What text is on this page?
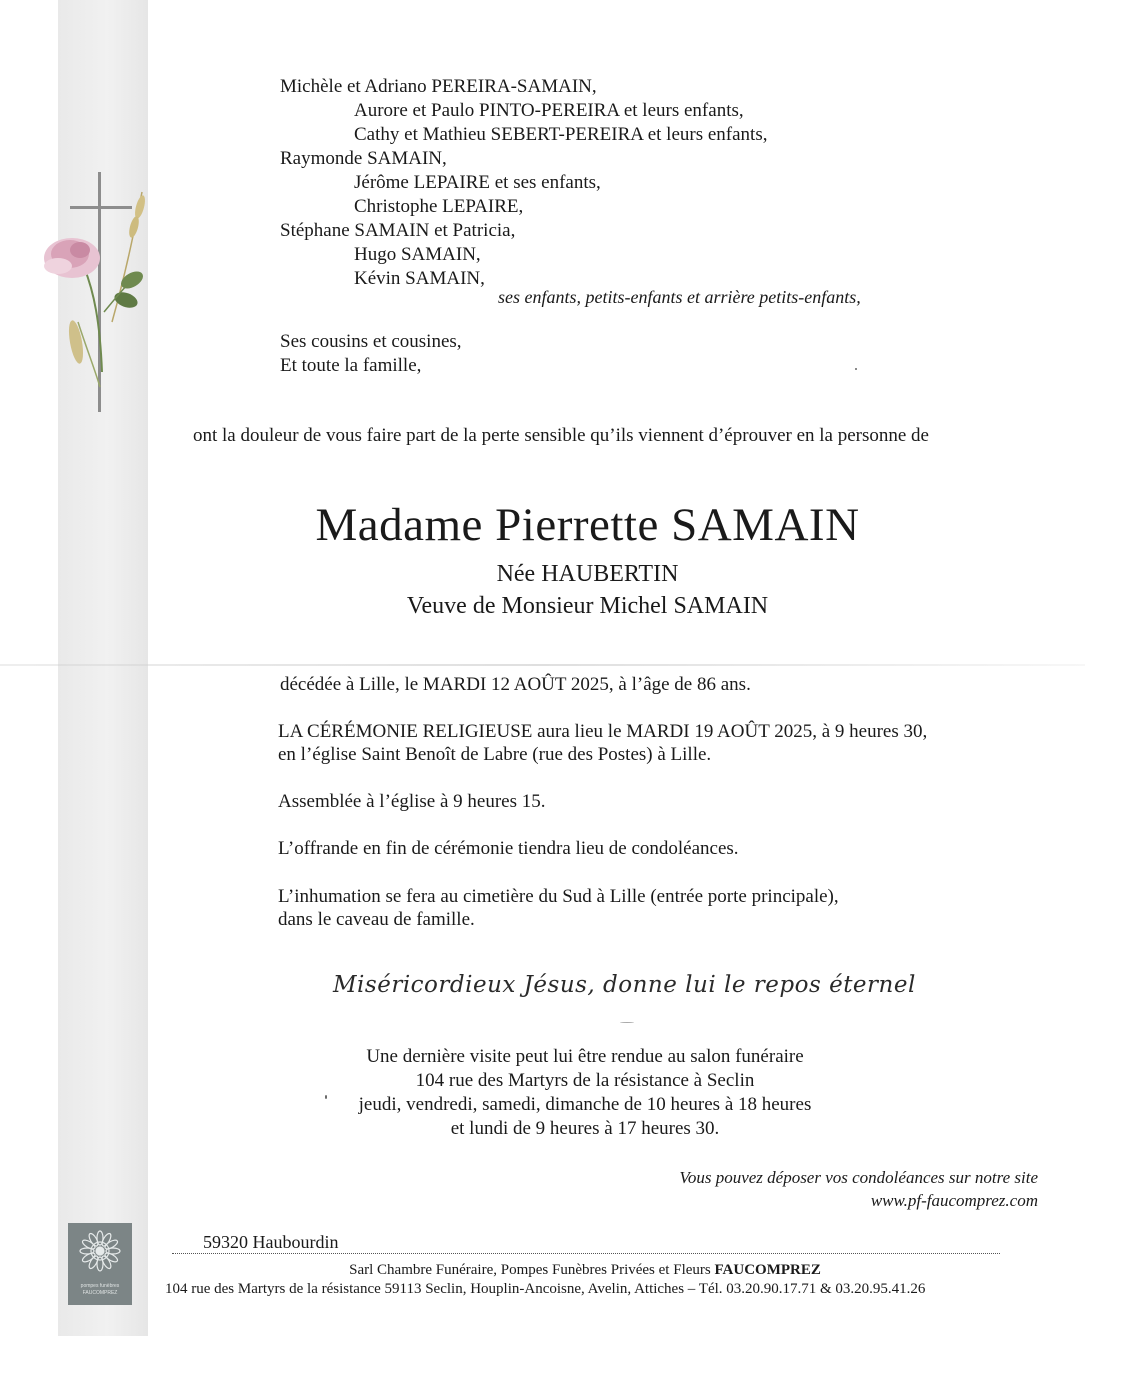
Michèle et Adriano PEREIRA-SAMAIN,
Aurore et Paulo PINTO-PEREIRA et leurs enfants,
Cathy et Mathieu SEBERT-PEREIRA et leurs enfants,
Raymonde SAMAIN,
Jérôme LEPAIRE et ses enfants,
Christophe LEPAIRE,
Stéphane SAMAIN et Patricia,
Hugo SAMAIN,
Kévin SAMAIN,
ses enfants, petits-enfants et arrière petits-enfants,
Ses cousins et cousines,
Et toute la famille,
ont la douleur de vous faire part de la perte sensible qu’ils viennent d’éprouver en la personne de
Madame Pierrette SAMAIN
Née HAUBERTIN
Veuve de Monsieur Michel SAMAIN
décédée à Lille, le MARDI 12 AOÛT 2025, à l’âge de 86 ans.
LA CÉRÉMONIE RELIGIEUSE aura lieu le MARDI 19 AOÛT 2025, à 9 heures 30,
en l’église Saint Benoît de Labre (rue des Postes) à Lille.
Assemblée à l’église à 9 heures 15.
L’offrande en fin de cérémonie tiendra lieu de condoléances.
L’inhumation se fera au cimetière du Sud à Lille (entrée porte principale),
dans le caveau de famille.
Miséricordieux Jésus, donne lui le repos éternel
Une dernière visite peut lui être rendue au salon funéraire
104 rue des Martyrs de la résistance à Seclin
jeudi, vendredi, samedi, dimanche de 10 heures à 18 heures
et lundi de 9 heures à 17 heures 30.
Vous pouvez déposer vos condoléances sur notre site
www.pf-faucomprez.com
pompes funèbres
FAUCOMPREZ
59320 Haubourdin
Sarl Chambre Funéraire, Pompes Funèbres Privées et Fleurs FAUCOMPREZ
104 rue des Martyrs de la résistance 59113 Seclin, Houplin-Ancoisne, Avelin, Attiches – Tél. 03.20.90.17.71 & 03.20.95.41.26
